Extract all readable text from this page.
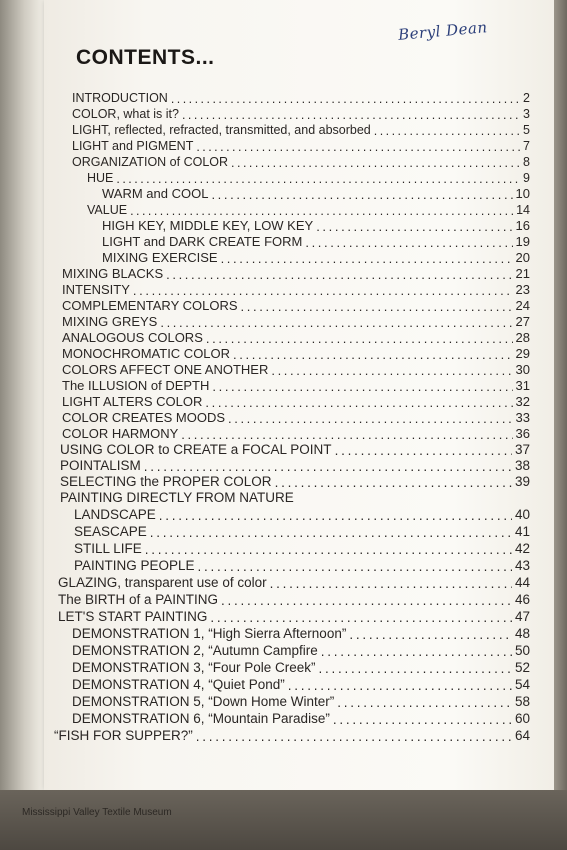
Beryl Dean
CONTENTS...
INTRODUCTION . . .	2
COLOR, what is it? . . .	3
LIGHT, reflected, refracted, transmitted, and absorbed . . .	5
LIGHT and PIGMENT . . .	7
ORGANIZATION of COLOR . . .	8
HUE . . .	9
WARM and COOL . . .	10
VALUE . . .	14
HIGH KEY, MIDDLE KEY, LOW KEY . . .	16
LIGHT and DARK CREATE FORM . . .	19
MIXING EXERCISE . . .	20
MIXING BLACKS . . .	21
INTENSITY . . .	23
COMPLEMENTARY COLORS . . .	24
MIXING GREYS . . .	27
ANALOGOUS COLORS . . .	28
MONOCHROMATIC COLOR . . .	29
COLORS AFFECT ONE ANOTHER . . .	30
The ILLUSION of DEPTH . . .	31
LIGHT ALTERS COLOR . . .	32
COLOR CREATES MOODS . . .	33
COLOR HARMONY . . .	36
USING COLOR to CREATE a FOCAL POINT . . .	37
POINTALISM . . .	38
SELECTING the PROPER COLOR . . .	39
PAINTING DIRECTLY FROM NATURE
LANDSCAPE . . .	40
SEASCAPE . . .	41
STILL LIFE . . .	42
PAINTING PEOPLE . . .	43
GLAZING, transparent use of color . . .	44
The BIRTH of a PAINTING . . .	46
LET'S START PAINTING . . .	47
DEMONSTRATION 1, “High Sierra Afternoon” . . .	48
DEMONSTRATION 2, “Autumn Campfire . . .	50
DEMONSTRATION 3, “Four Pole Creek” . . .	52
DEMONSTRATION 4, “Quiet Pond” . . .	54
DEMONSTRATION 5, “Down Home Winter” . . .	58
DEMONSTRATION 6, “Mountain Paradise” . . .	60
“FISH FOR SUPPER?” . . .	64
Mississippi Valley Textile Museum
